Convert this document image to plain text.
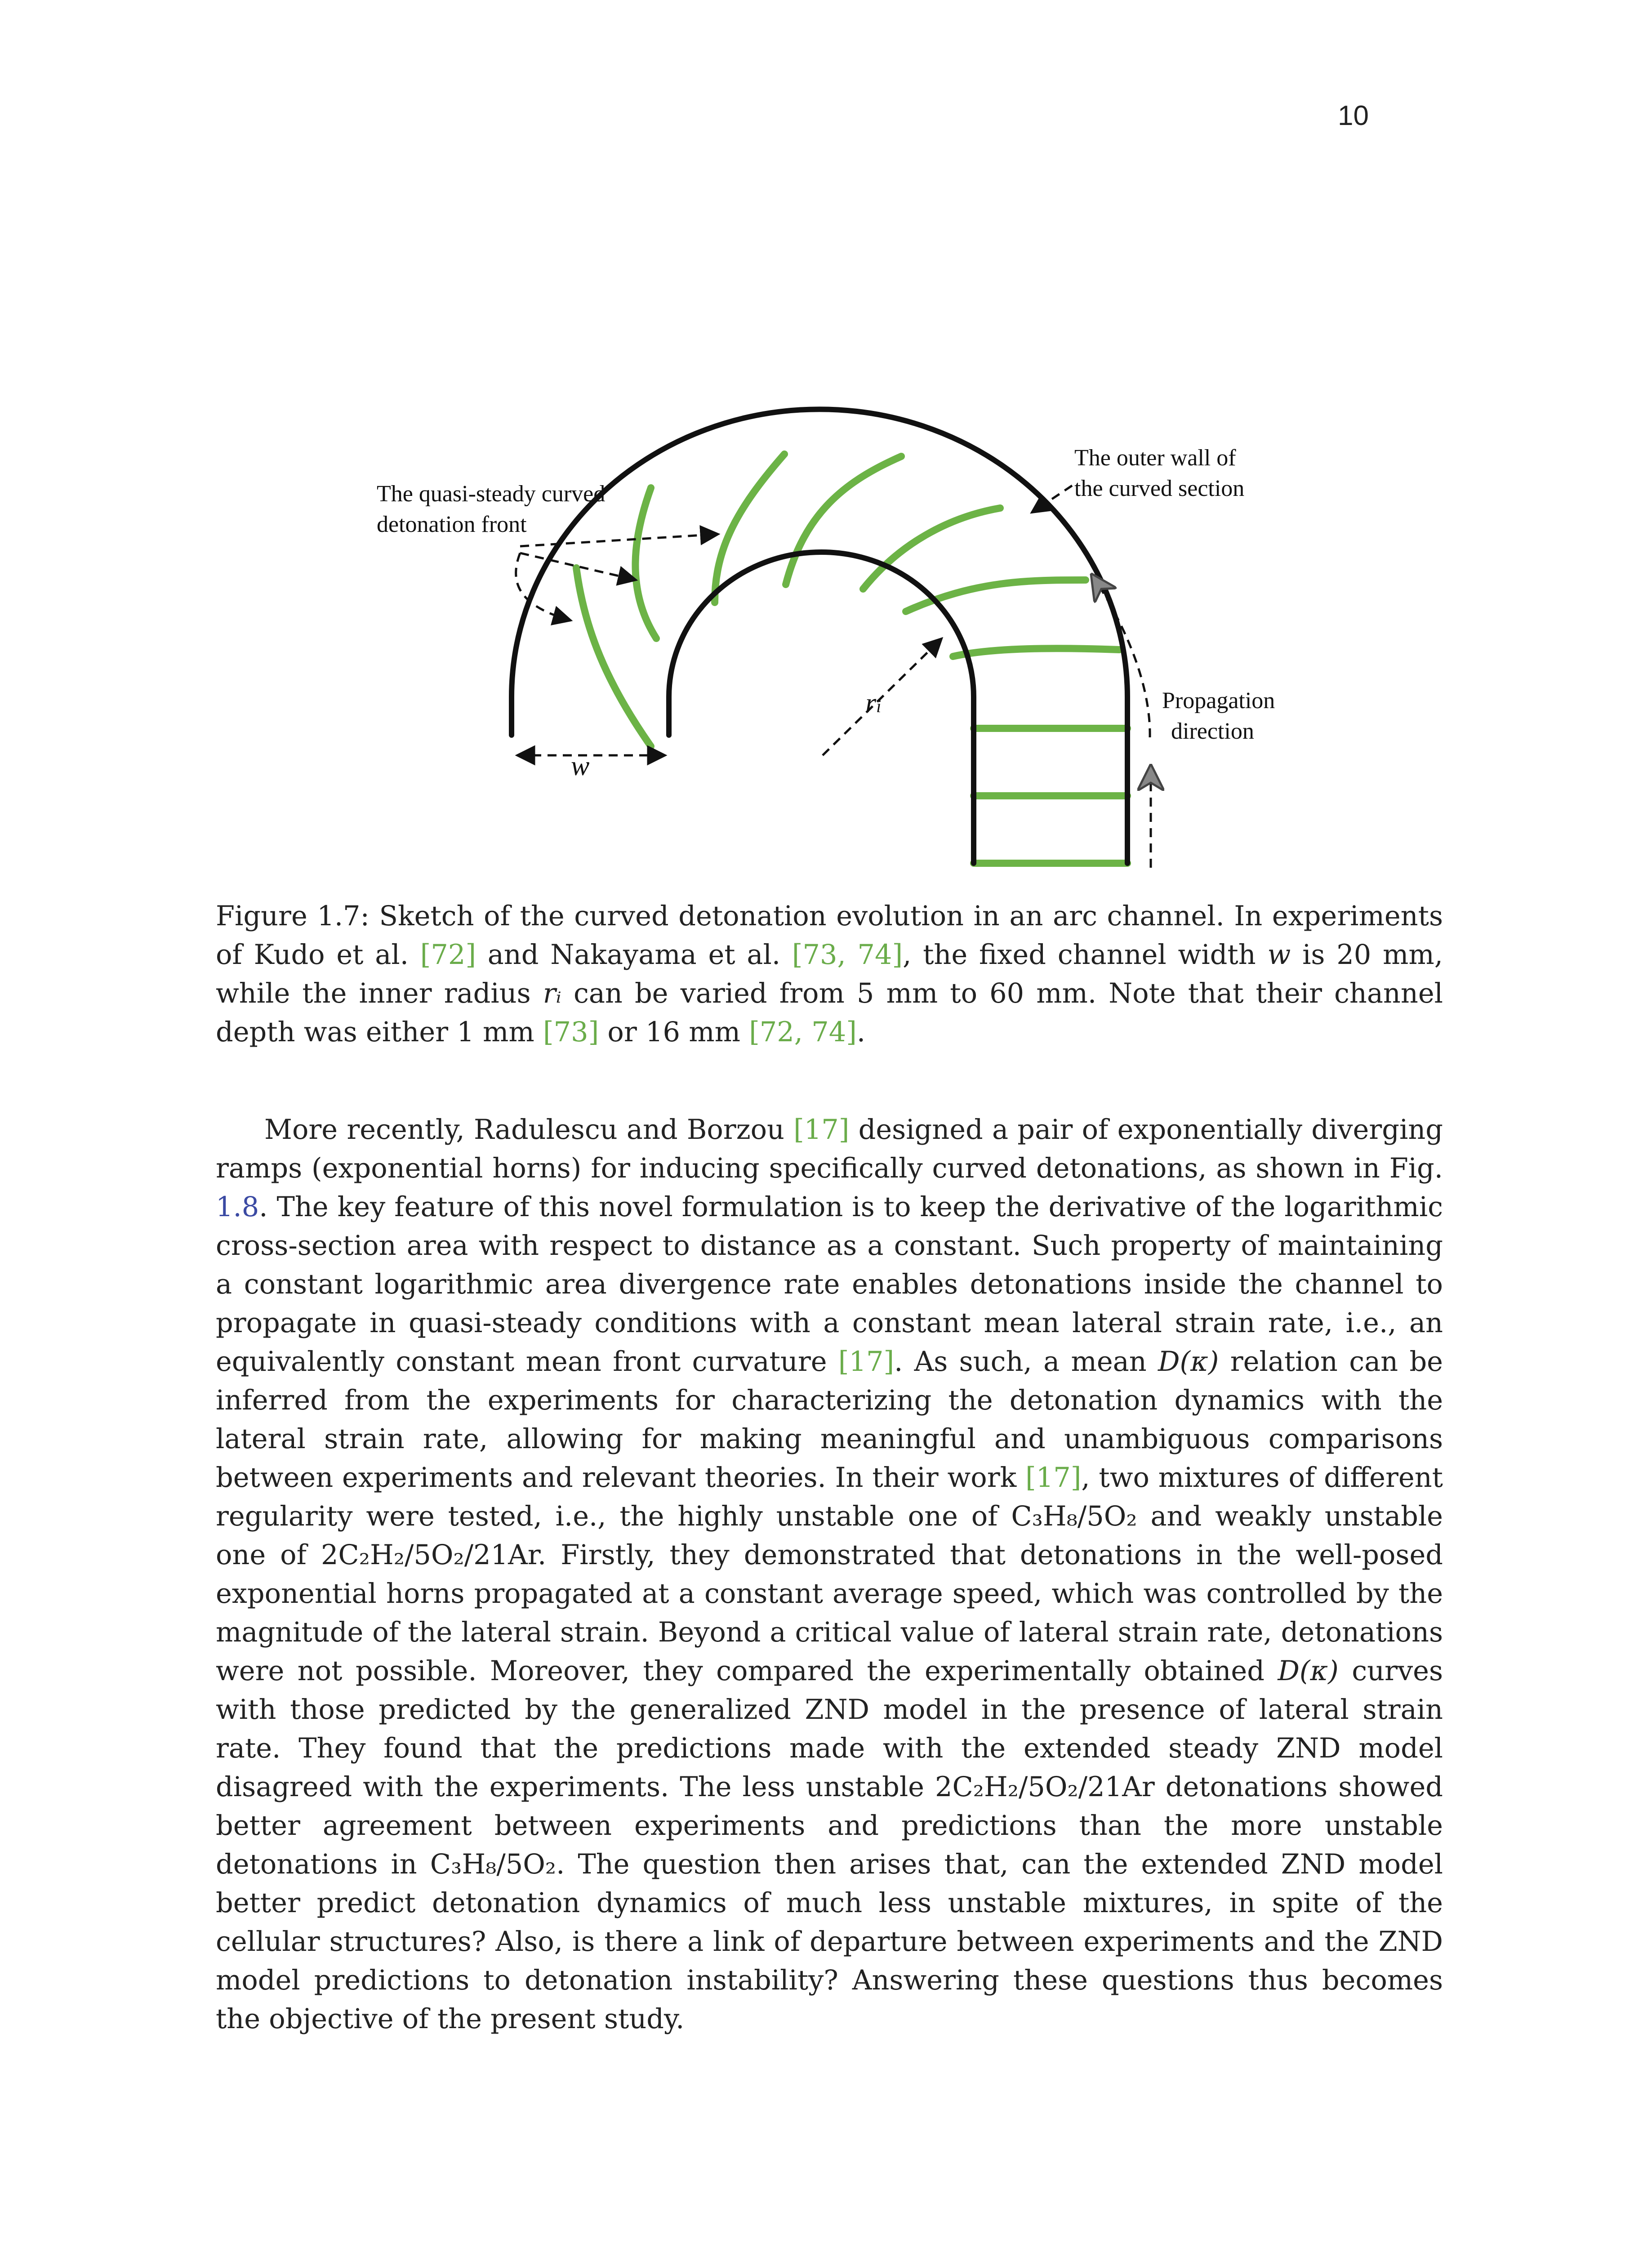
10
The quasi-steady curved
detonation front
The outer wall of
the curved section
Propagation
direction
w
ri

Figure 1.7: Sketch of the curved detonation evolution in an arc channel. In experiments of Kudo et al. [72] and Nakayama et al. [73, 74], the fixed channel width w is 20 mm, while the inner radius rᵢ can be varied from 5 mm to 60 mm. Note that their channel depth was either 1 mm [73] or 16 mm [72, 74].

More recently, Radulescu and Borzou [17] designed a pair of exponentially diverging ramps (exponential horns) for inducing specifically curved detonations, as shown in Fig. 1.8. The key feature of this novel formulation is to keep the derivative of the logarithmic cross-section area with respect to distance as a constant. Such property of maintaining a constant logarithmic area divergence rate enables detonations inside the channel to propagate in quasi-steady conditions with a constant mean lateral strain rate, i.e., an equivalently constant mean front curvature [17]. As such, a mean D(κ) relation can be inferred from the experiments for characterizing the detonation dynamics with the lateral strain rate, allowing for making meaningful and unambiguous comparisons between experiments and relevant theories. In their work [17], two mixtures of different regularity were tested, i.e., the highly unstable one of C₃H₈/5O₂ and weakly unstable one of 2C₂H₂/5O₂/21Ar. Firstly, they demonstrated that detonations in the well-posed exponential horns propagated at a constant average speed, which was controlled by the magnitude of the lateral strain. Beyond a critical value of lateral strain rate, detonations were not possible. Moreover, they compared the experimentally obtained D(κ) curves with those predicted by the generalized ZND model in the presence of lateral strain rate. They found that the predictions made with the extended steady ZND model disagreed with the experiments. The less unstable 2C₂H₂/5O₂/21Ar detonations showed better agreement between experiments and predictions than the more unstable detonations in C₃H₈/5O₂. The question then arises that, can the extended ZND model better predict detonation dynamics of much less unstable mixtures, in spite of the cellular structures? Also, is there a link of departure between experiments and the ZND model predictions to detonation instability? Answering these questions thus becomes the objective of the present study.
